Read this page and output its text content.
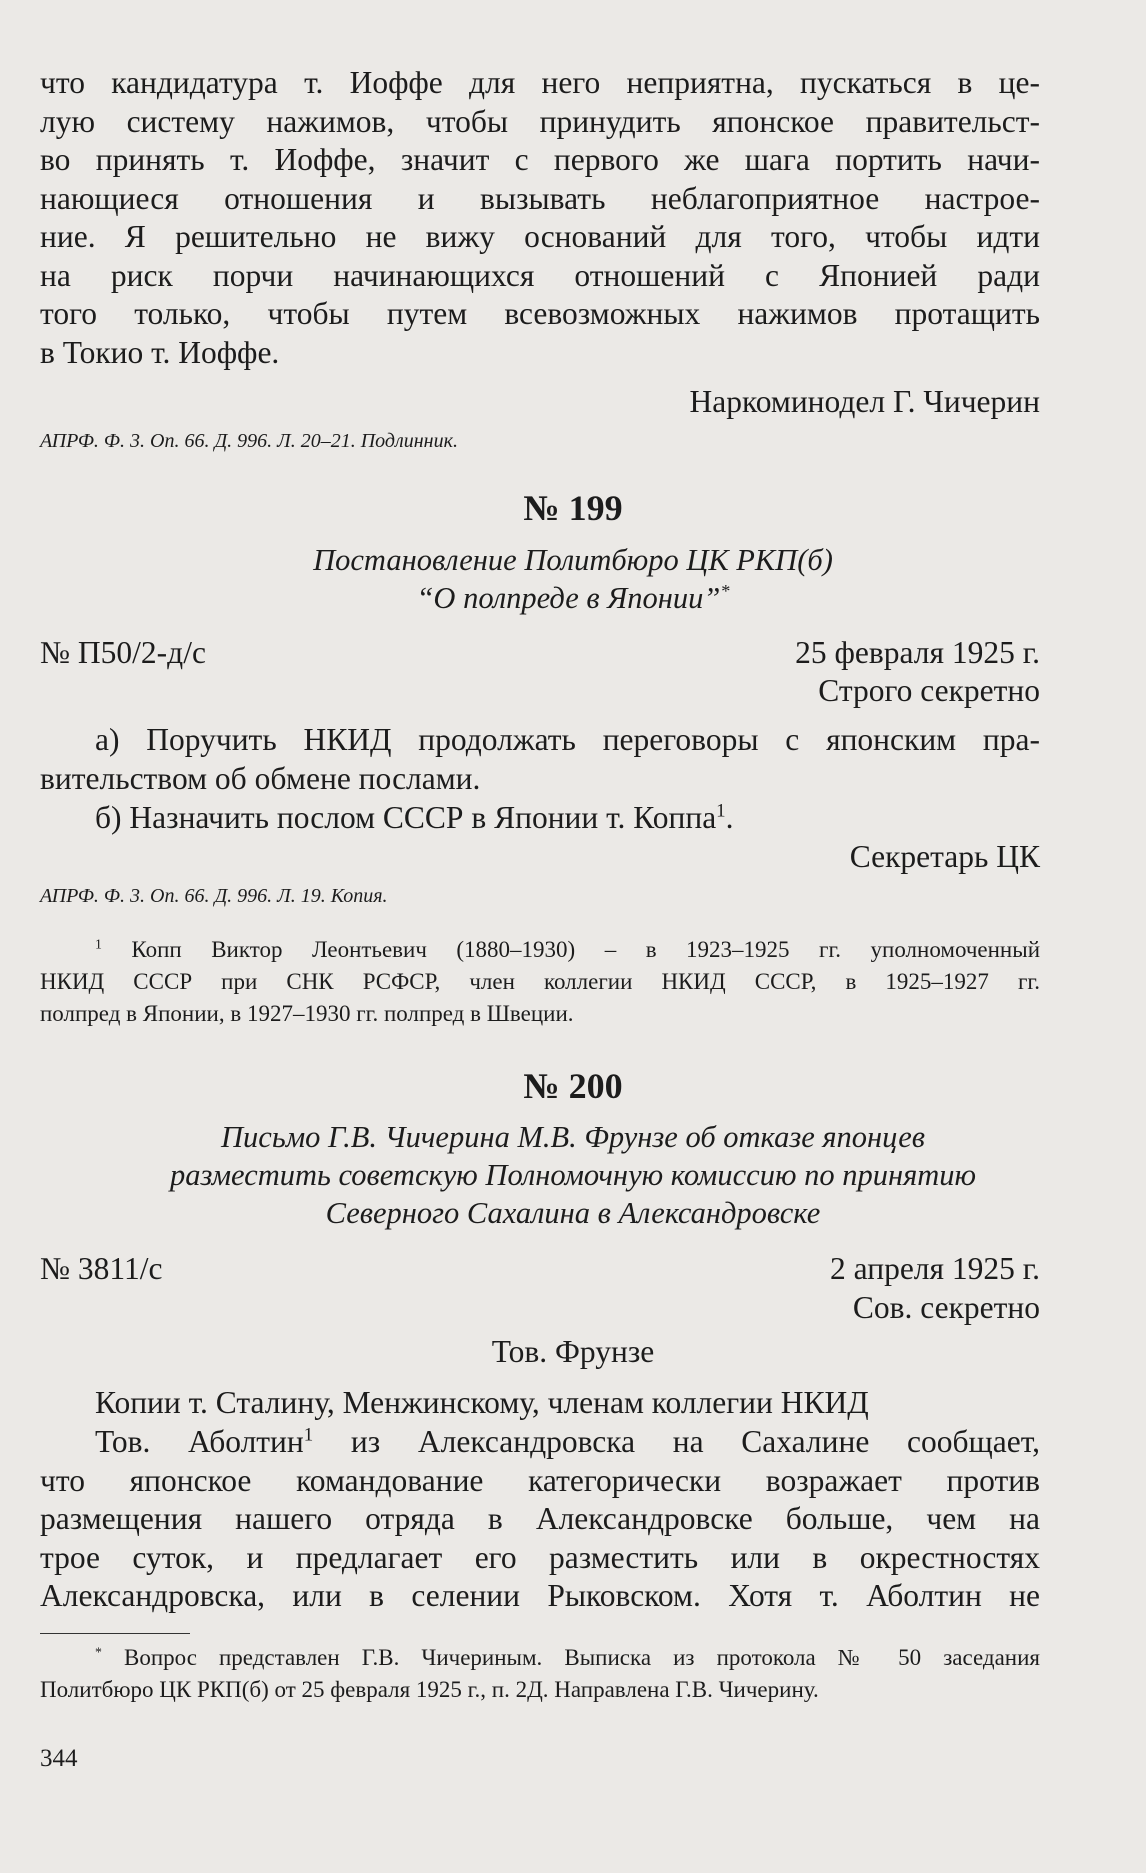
что кандидатура т. Иоффе для него неприятна, пускаться в це-
лую систему нажимов, чтобы принудить японское правительст-
во принять т. Иоффе, значит с первого же шага портить начи-
нающиеся отношения и вызывать неблагоприятное настрое-
ние. Я решительно не вижу оснований для того, чтобы идти
на риск порчи начинающихся отношений с Японией ради
того только, чтобы путем всевозможных нажимов протащить
в Токио т. Иоффе.
Наркоминодел Г. Чичерин
АПРФ. Ф. 3. Оп. 66. Д. 996. Л. 20–21. Подлинник.
№ 199
Постановление Политбюро ЦК РКП(б)
“О полпреде в Японии”*
№ П50/2-д/с	25 февраля 1925 г.
Строго секретно
а) Поручить НКИД продолжать переговоры с японским пра-
вительством об обмене послами.
б) Назначить послом СССР в Японии т. Коппа$^1$.
Секретарь ЦК
АПРФ. Ф. 3. Оп. 66. Д. 996. Л. 19. Копия.
$^1$ Копп Виктор Леонтьевич (1880–1930) – в 1923–1925 гг. уполномоченный
НКИД СССР при СНК РСФСР, член коллегии НКИД СССР, в 1925–1927 гг.
полпред в Японии, в 1927–1930 гг. полпред в Швеции.
№ 200
Письмо Г.В. Чичерина М.В. Фрунзе об отказе японцев
разместить советскую Полномочную комиссию по принятию
Северного Сахалина в Александровске
№ 3811/с	2 апреля 1925 г.
Сов. секретно
Тов. Фрунзе
Копии т. Сталину, Менжинскому, членам коллегии НКИД
Тов. Аболтин$^1$ из Александровска на Сахалине сообщает,
что японское командование категорически возражает против
размещения нашего отряда в Александровске больше, чем на
трое суток, и предлагает его разместить или в окрестностях
Александровска, или в селении Рыковском. Хотя т. Аболтин не
* Вопрос представлен Г.В. Чичериным. Выписка из протокола № 50 заседания
Политбюро ЦК РКП(б) от 25 февраля 1925 г., п. 2Д. Направлена Г.В. Чичерину.
344
